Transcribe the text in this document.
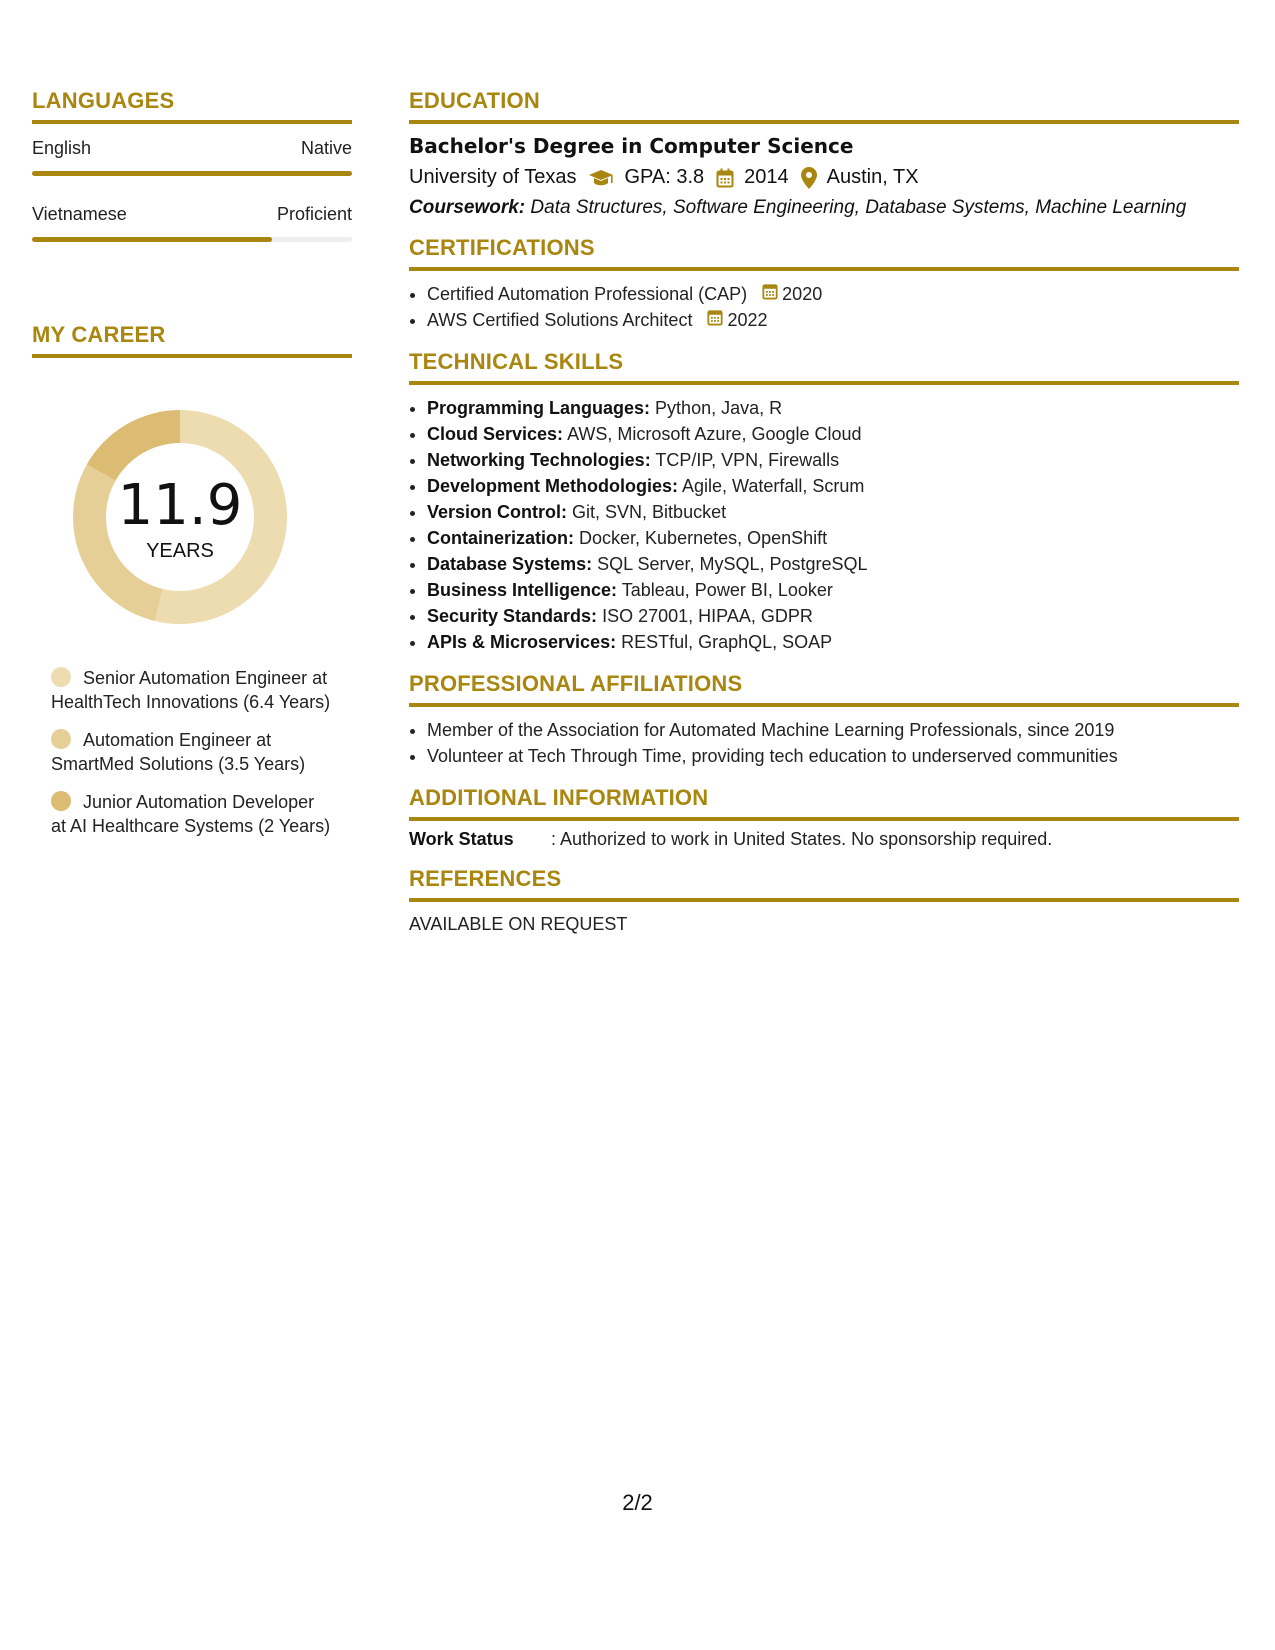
LANGUAGES
English	Native
Vietnamese	Proficient
MY CAREER
11.9
YEARS
Senior Automation Engineer at HealthTech Innovations (6.4 Years)
Automation Engineer at SmartMed Solutions (3.5 Years)
Junior Automation Developer at AI Healthcare Systems (2 Years)
EDUCATION
Bachelor's Degree in Computer Science
University of Texas GPA: 3.8 2014 Austin, TX
Coursework: Data Structures, Software Engineering, Database Systems, Machine Learning
CERTIFICATIONS
• Certified Automation Professional (CAP) 2020
• AWS Certified Solutions Architect 2022
TECHNICAL SKILLS
• Programming Languages: Python, Java, R
• Cloud Services: AWS, Microsoft Azure, Google Cloud
• Networking Technologies: TCP/IP, VPN, Firewalls
• Development Methodologies: Agile, Waterfall, Scrum
• Version Control: Git, SVN, Bitbucket
• Containerization: Docker, Kubernetes, OpenShift
• Database Systems: SQL Server, MySQL, PostgreSQL
• Business Intelligence: Tableau, Power BI, Looker
• Security Standards: ISO 27001, HIPAA, GDPR
• APIs & Microservices: RESTful, GraphQL, SOAP
PROFESSIONAL AFFILIATIONS
• Member of the Association for Automated Machine Learning Professionals, since 2019
• Volunteer at Tech Through Time, providing tech education to underserved communities
ADDITIONAL INFORMATION
Work Status	: Authorized to work in United States. No sponsorship required.
REFERENCES
AVAILABLE ON REQUEST
2/2
